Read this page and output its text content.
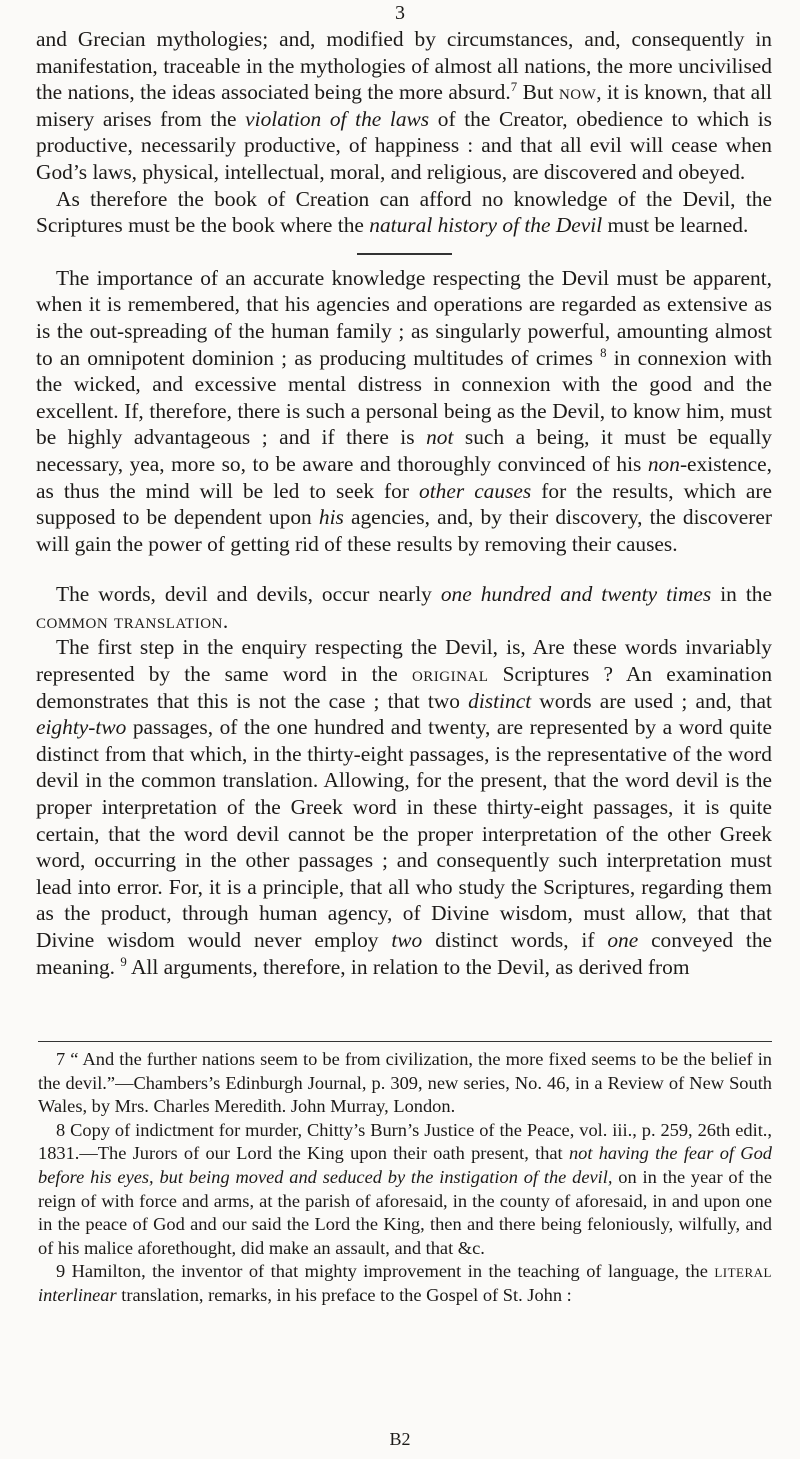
3

and Grecian mythologies; and, modified by circumstances, and, consequently in manifestation, traceable in the mythologies of almost all nations, the more uncivilised the nations, the ideas associated being the more absurd.$^7$ But now, it is known, that all misery arises from the violation of the laws of the Creator, obedience to which is productive, necessarily productive, of happiness : and that all evil will cease when God’s laws, physical, intellectual, moral, and religious, are discovered and obeyed.

As therefore the book of Creation can afford no knowledge of the Devil, the Scriptures must be the book where the natural history of the Devil must be learned.

The importance of an accurate knowledge respecting the Devil must be apparent, when it is remembered, that his agencies and operations are regarded as extensive as is the out-spreading of the human family ; as singularly powerful, amounting almost to an omnipotent dominion ; as producing multitudes of crimes $^8$ in connexion with the wicked, and excessive mental distress in connexion with the good and the excellent. If, therefore, there is such a personal being as the Devil, to know him, must be highly advantageous ; and if there is not such a being, it must be equally necessary, yea, more so, to be aware and thoroughly convinced of his non-existence, as thus the mind will be led to seek for other causes for the results, which are supposed to be dependent upon his agencies, and, by their discovery, the discoverer will gain the power of getting rid of these results by removing their causes.

The words, devil and devils, occur nearly one hundred and twenty times in the common translation.

The first step in the enquiry respecting the Devil, is, Are these words invariably represented by the same word in the original Scriptures ? An examination demonstrates that this is not the case ; that two distinct words are used ; and, that eighty-two passages, of the one hundred and twenty, are represented by a word quite distinct from that which, in the thirty-eight passages, is the representative of the word devil in the common translation. Allowing, for the present, that the word devil is the proper interpretation of the Greek word in these thirty-eight passages, it is quite certain, that the word devil cannot be the proper interpretation of the other Greek word, occurring in the other passages ; and consequently such interpretation must lead into error. For, it is a principle, that all who study the Scriptures, regarding them as the product, through human agency, of Divine wisdom, must allow, that that Divine wisdom would never employ two distinct words, if one conveyed the meaning. $^9$ All arguments, therefore, in relation to the Devil, as derived from

7 “ And the further nations seem to be from civilization, the more fixed seems to be the belief in the devil.”—Chambers’s Edinburgh Journal, p. 309, new series, No. 46, in a Review of New South Wales, by Mrs. Charles Meredith. John Murray, London.

8 Copy of indictment for murder, Chitty’s Burn’s Justice of the Peace, vol. iii., p. 259, 26th edit., 1831.—The Jurors of our Lord the King upon their oath present, that not having the fear of God before his eyes, but being moved and seduced by the instigation of the devil, on in the year of the reign of with force and arms, at the parish of aforesaid, in the county of aforesaid, in and upon one in the peace of God and our said the Lord the King, then and there being feloniously, wilfully, and of his malice aforethought, did make an assault, and that &c.

9 Hamilton, the inventor of that mighty improvement in the teaching of language, the literal interlinear translation, remarks, in his preface to the Gospel of St. John :

B2
